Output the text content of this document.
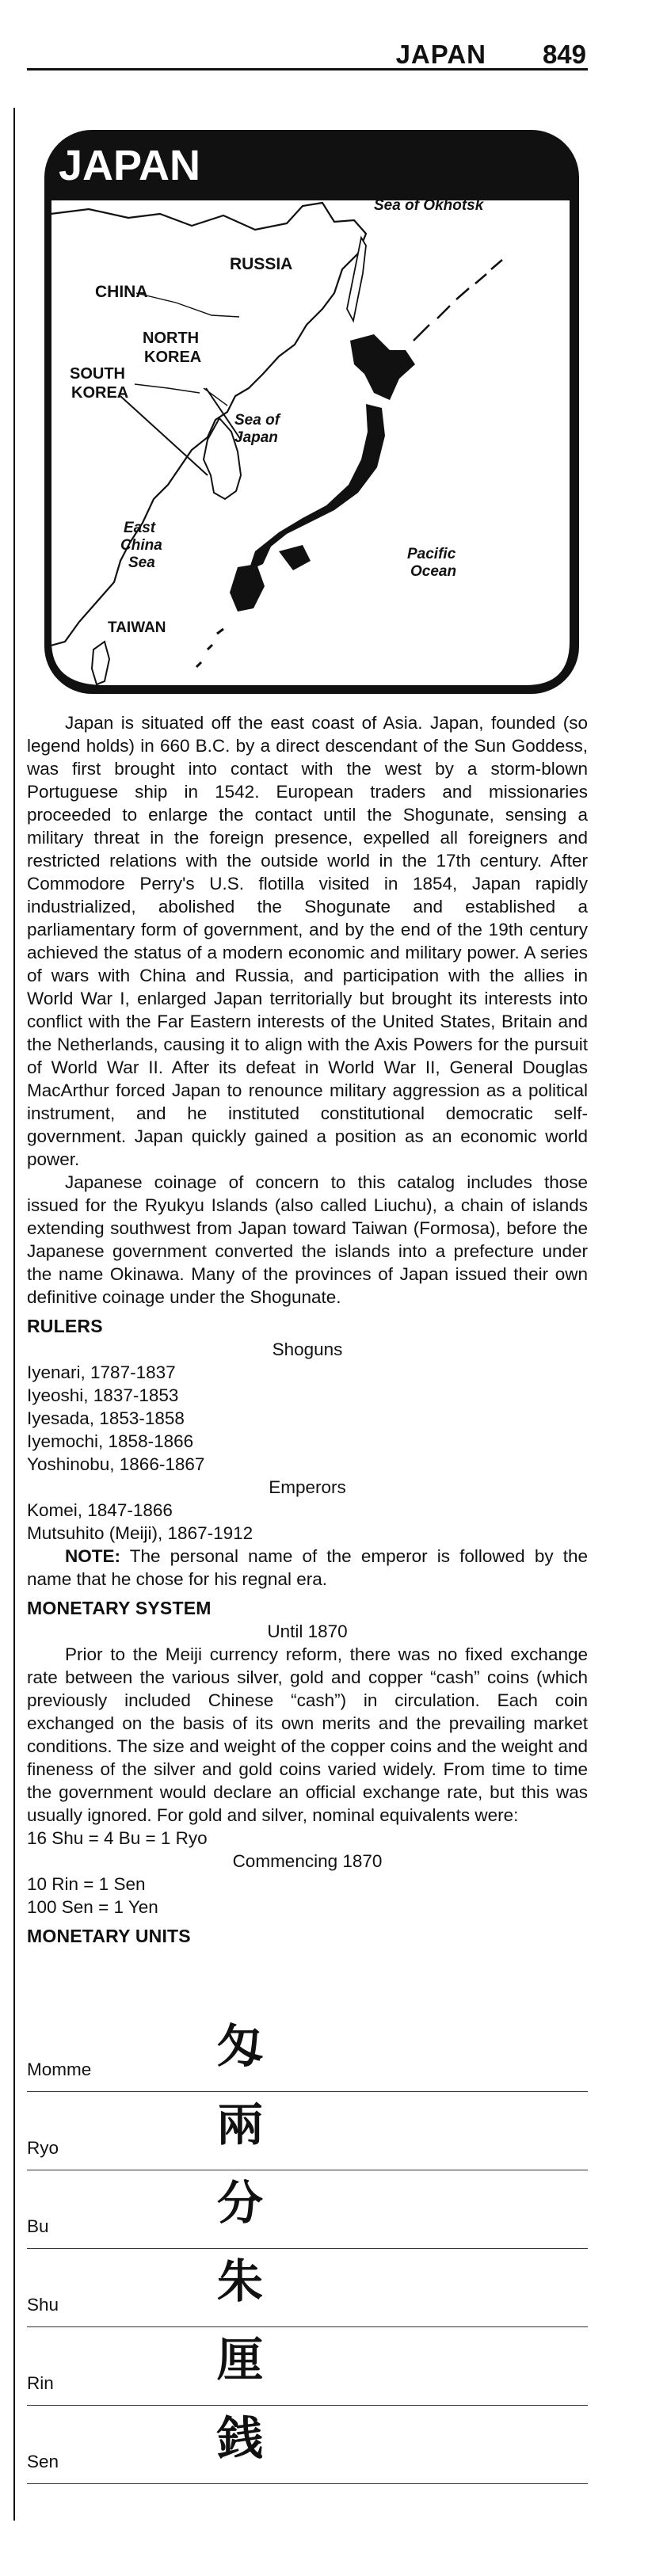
JAPAN 849
JAPAN
Sea of Okhotsk
RUSSIA
CHINA
NORTH
KOREA
SOUTH
KOREA
Sea of
Japan
East
China
Sea
Pacific
Ocean
TAIWAN

Japan is situated off the east coast of Asia. Japan, founded (so legend holds) in 660 B.C. by a direct descendant of the Sun Goddess, was first brought into contact with the west by a storm-blown Portuguese ship in 1542. European traders and missionaries proceeded to enlarge the contact until the Shogunate, sensing a military threat in the foreign presence, expelled all foreigners and restricted relations with the outside world in the 17th century. After Commodore Perry's U.S. flotilla visited in 1854, Japan rapidly industrialized, abolished the Shogunate and established a parliamentary form of government, and by the end of the 19th century achieved the status of a modern economic and military power. A series of wars with China and Russia, and participation with the allies in World War I, enlarged Japan territorially but brought its interests into conflict with the Far Eastern interests of the United States, Britain and the Netherlands, causing it to align with the Axis Powers for the pursuit of World War II. After its defeat in World War II, General Douglas MacArthur forced Japan to renounce military aggression as a political instrument, and he instituted constitutional democratic self-government. Japan quickly gained a position as an economic world power.

Japanese coinage of concern to this catalog includes those issued for the Ryukyu Islands (also called Liuchu), a chain of islands extending southwest from Japan toward Taiwan (Formosa), before the Japanese government converted the islands into a prefecture under the name Okinawa. Many of the provinces of Japan issued their own definitive coinage under the Shogunate.

RULERS
Shoguns
Iyenari, 1787-1837
Iyeoshi, 1837-1853
Iyesada, 1853-1858
Iyemochi, 1858-1866
Yoshinobu, 1866-1867
Emperors
Komei, 1847-1866
Mutsuhito (Meiji), 1867-1912

NOTE: The personal name of the emperor is followed by the name that he chose for his regnal era.

MONETARY SYSTEM
Until 1870

Prior to the Meiji currency reform, there was no fixed exchange rate between the various silver, gold and copper “cash” coins (which previously included Chinese “cash”) in circulation. Each coin exchanged on the basis of its own merits and the prevailing market conditions. The size and weight of the copper coins and the weight and fineness of the silver and gold coins varied widely. From time to time the government would declare an official exchange rate, but this was usually ignored. For gold and silver, nominal equivalents were:

16 Shu = 4 Bu = 1 Ryo
Commencing 1870
10 Rin = 1 Sen
100 Sen = 1 Yen
MONETARY UNITS
匁
Momme
兩
Ryo
分
Bu
朱
Shu
厘
Rin
銭
Sen
